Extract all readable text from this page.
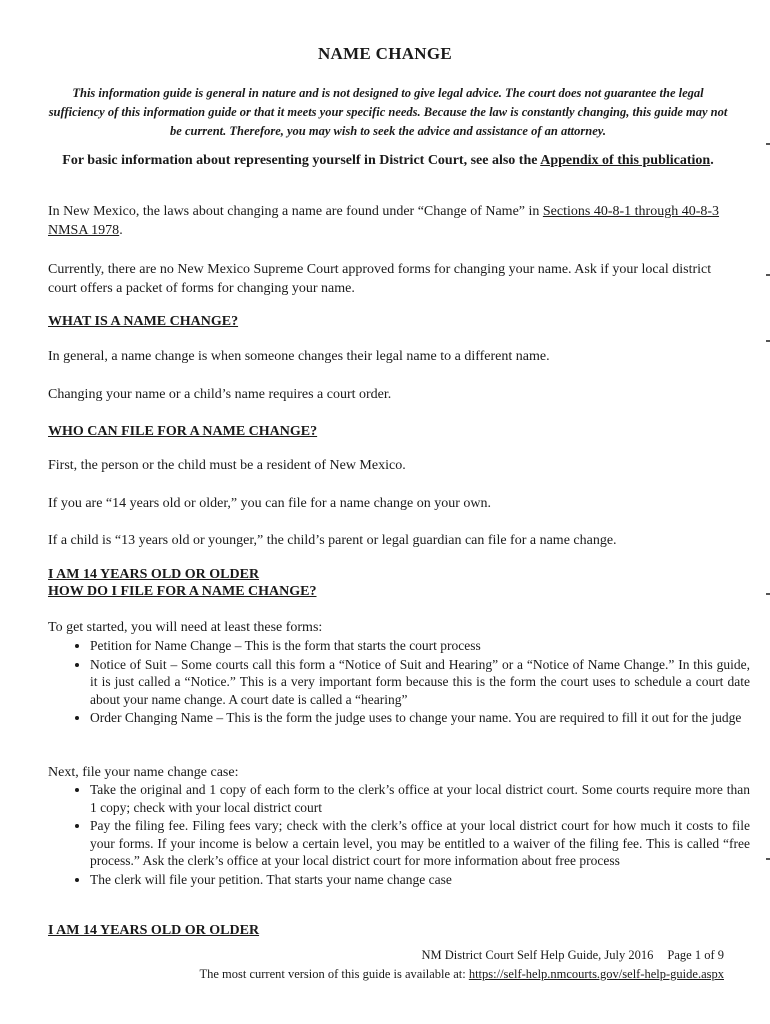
NAME CHANGE
This information guide is general in nature and is not designed to give legal advice. The court does not guarantee the legal sufficiency of this information guide or that it meets your specific needs. Because the law is constantly changing, this guide may not be current. Therefore, you may wish to seek the advice and assistance of an attorney.
For basic information about representing yourself in District Court, see also the Appendix of this publication.
In New Mexico, the laws about changing a name are found under “Change of Name” in Sections 40-8-1 through 40-8-3 NMSA 1978.
Currently, there are no New Mexico Supreme Court approved forms for changing your name. Ask if your local district court offers a packet of forms for changing your name.
WHAT IS A NAME CHANGE?
In general, a name change is when someone changes their legal name to a different name.
Changing your name or a child’s name requires a court order.
WHO CAN FILE FOR A NAME CHANGE?
First, the person or the child must be a resident of New Mexico.
If you are “14 years old or older,” you can file for a name change on your own.
If a child is “13 years old or younger,” the child’s parent or legal guardian can file for a name change.
I AM 14 YEARS OLD OR OLDER
HOW DO I FILE FOR A NAME CHANGE?
To get started, you will need at least these forms:
• Petition for Name Change – This is the form that starts the court process
• Notice of Suit – Some courts call this form a “Notice of Suit and Hearing” or a “Notice of Name Change.” In this guide, it is just called a “Notice.” This is a very important form because this is the form the court uses to schedule a court date about your name change. A court date is called a “hearing”
• Order Changing Name – This is the form the judge uses to change your name. You are required to fill it out for the judge
Next, file your name change case:
• Take the original and 1 copy of each form to the clerk’s office at your local district court. Some courts require more than 1 copy; check with your local district court
• Pay the filing fee. Filing fees vary; check with the clerk’s office at your local district court for how much it costs to file your forms. If your income is below a certain level, you may be entitled to a waiver of the filing fee. This is called “free process.” Ask the clerk’s office at your local district court for more information about free process
• The clerk will file your petition. That starts your name change case
I AM 14 YEARS OLD OR OLDER
NM District Court Self Help Guide, July 2016 Page 1 of 9
The most current version of this guide is available at: https://self-help.nmcourts.gov/self-help-guide.aspx
